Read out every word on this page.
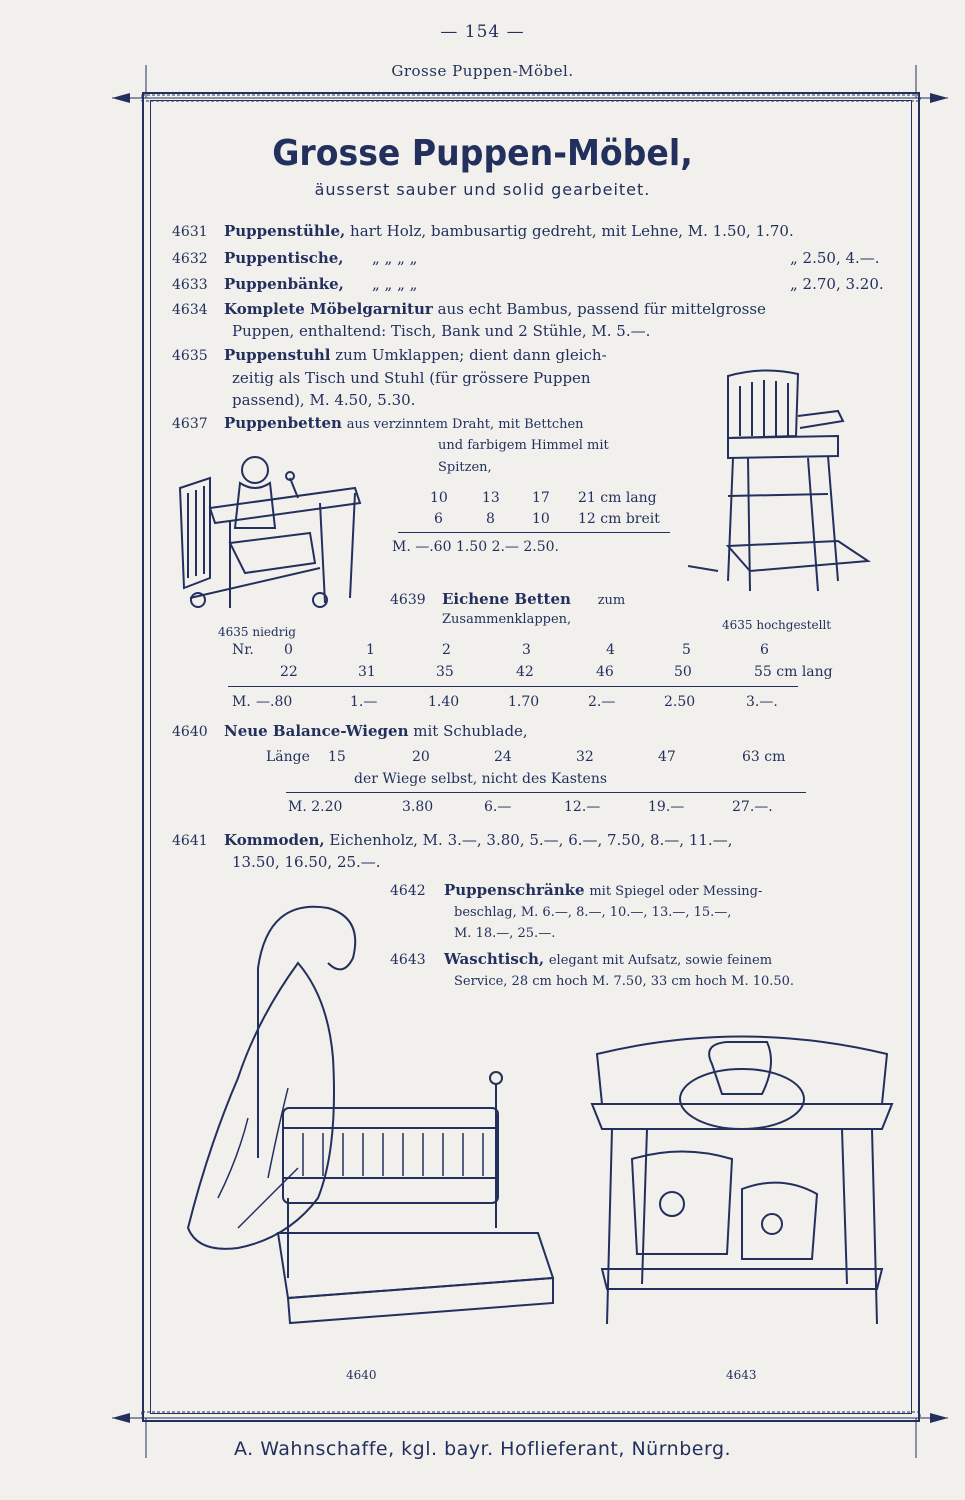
— 154 —
Grosse Puppen-Möbel.
Grosse Puppen-Möbel,
äusserst sauber und solid gearbeitet.
4631 Puppenstühle, hart Holz, bambusartig gedreht, mit Lehne, M. 1.50, 1.70.
4632 Puppentische, „ „ „ „	„ 2.50, 4.—.
4633 Puppenbänke, „ „ „ „	„ 2.70, 3.20.
4634 Komplete Möbelgarnitur aus echt Bambus, passend für mittelgrosse
Puppen, enthaltend: Tisch, Bank und 2 Stühle, M. 5.—.
4635 Puppenstuhl zum Umklappen; dient dann gleich-
zeitig als Tisch und Stuhl (für grössere Puppen
passend), M. 4.50, 5.30.
4637 Puppenbetten aus verzinntem Draht, mit Bettchen
und farbigem Himmel mit
Spitzen,
10 13 17 21 cm lang
6	8	10 12 cm breit
M. —.60 1.50 2.— 2.50.
4639 Eichene Betten zum
Zusammenklappen,
4635 niedrig	4635 hochgestellt
Nr. 0	1	2	3	4	5	6
22	31	35	42	46	50	55 cm lang
M. —.80	1.—	1.40	1.70	2.—	2.50	3.—.
4640 Neue Balance-Wiegen mit Schublade,
Länge 15	20	24	32	47	63 cm
der Wiege selbst, nicht des Kastens
M. 2.20	3.80	6.—	12.—	19.—	27.—.
4641 Kommoden, Eichenholz, M. 3.—, 3.80, 5.—, 6.—, 7.50, 8.—, 11.—,
13.50, 16.50, 25.—.
4642 Puppenschränke mit Spiegel oder Messing-
beschlag, M. 6.—, 8.—, 10.—, 13.—, 15.—,
M. 18.—, 25.—.
4643 Waschtisch, elegant mit Aufsatz, sowie feinem
Service, 28 cm hoch M. 7.50, 33 cm hoch M. 10.50.
4640	4643
A. Wahnschaffe, kgl. bayr. Hoflieferant, Nürnberg.
